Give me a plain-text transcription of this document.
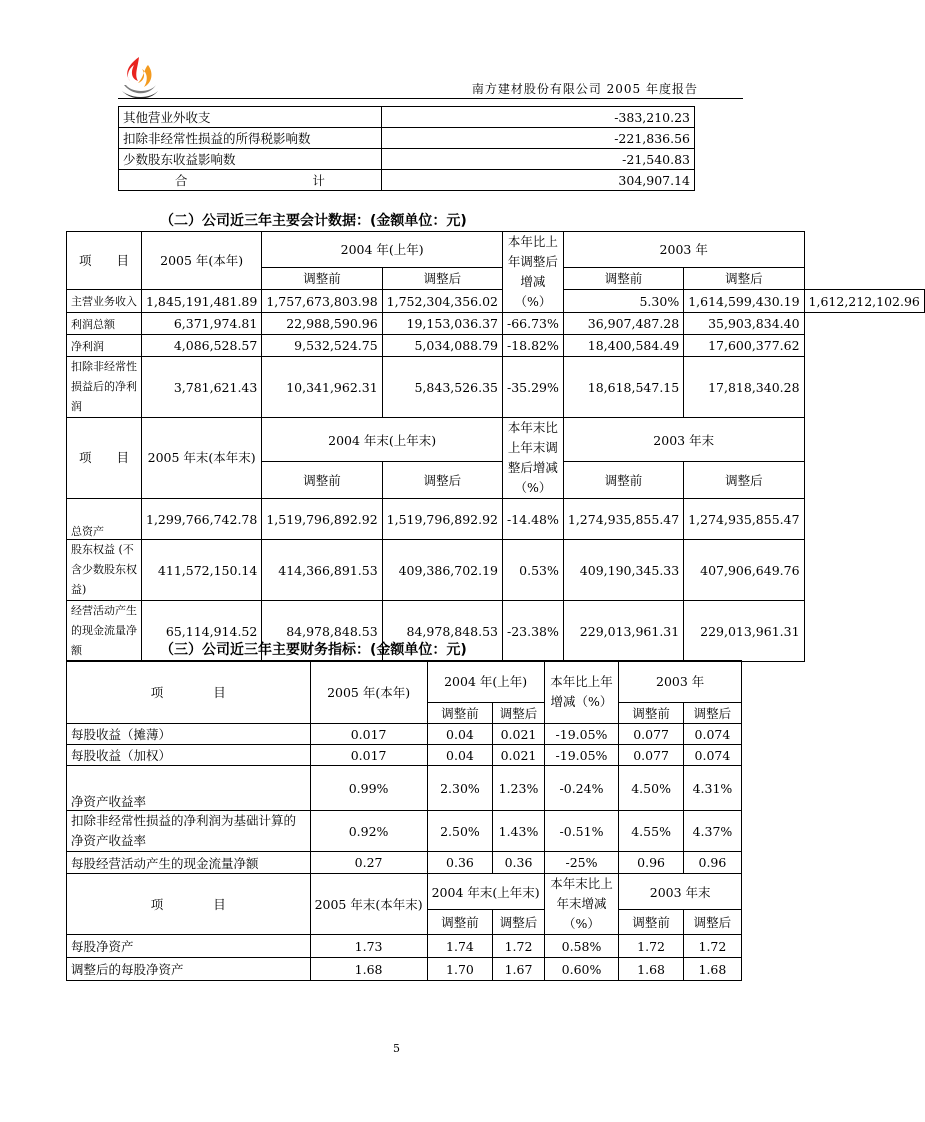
南方建材股份有限公司 2005 年度报告
其他营业外收支	-383,210.23
扣除非经常性损益的所得税影响数	-221,836.56
少数股东收益影响数	-21,540.83
合　　　　　　　　　　计	304,907.14
（二）公司近三年主要会计数据：(金额单位：元)
项　　目	2005 年(本年)	2004 年(上年)		本年比上年调整后增减（%）	2003 年		
		调整前	调整后		调整前	调整后	
主营业务收入	1,845,191,481.89	1,757,673,803.98	1,752,304,356.02		5.30%	1,614,599,430.19	1,612,212,102.96
利润总额	6,371,974.81	22,988,590.96	19,153,036.37	-66.73%	36,907,487.28	35,903,834.40	
净利润	4,086,528.57	9,532,524.75	5,034,088.79	-18.82%	18,400,584.49	17,600,377.62	
扣除非经常性损益后的净利润	3,781,621.43	10,341,962.31	5,843,526.35	-35.29%	18,618,547.15	17,818,340.28	
项　　目	2005 年末(本年末)	2004 年末(上年末)		本年末比上年末调整后增减（%）	2003 年末		
		调整前	调整后		调整前	调整后	
总资产	1,299,766,742.78	1,519,796,892.92	1,519,796,892.92	-14.48%	1,274,935,855.47	1,274,935,855.47	
股东权益 (不含少数股东权益)	411,572,150.14	414,366,891.53	409,386,702.19	0.53%	409,190,345.33	407,906,649.76	
经营活动产生的现金流量净额	65,114,914.52	84,978,848.53	84,978,848.53	-23.38%	229,013,961.31	229,013,961.31	
（三）公司近三年主要财务指标：(金额单位：元)
项　　　　目	2005 年(本年)	2004 年(上年)		本年比上年增减（%）	2003 年	
		调整前	调整后		调整前	调整后
每股收益（摊薄）	0.017	0.04	0.021	-19.05%	0.077	0.074
每股收益（加权）	0.017	0.04	0.021	-19.05%	0.077	0.074
净资产收益率	0.99%	2.30%	1.23%	-0.24%	4.50%	4.31%
扣除非经常性损益的净利润为基础计算的净资产收益率	0.92%	2.50%	1.43%	-0.51%	4.55%	4.37%
每股经营活动产生的现金流量净额	0.27	0.36	0.36	-25%	0.96	0.96
项　　　　目	2005 年末(本年末)	2004 年末(上年末)		本年末比上年末增减（%）	2003 年末	
		调整前	调整后		调整前	调整后
每股净资产	1.73	1.74	1.72	0.58%	1.72	1.72
调整后的每股净资产	1.68	1.70	1.67	0.60%	1.68	1.68
5
